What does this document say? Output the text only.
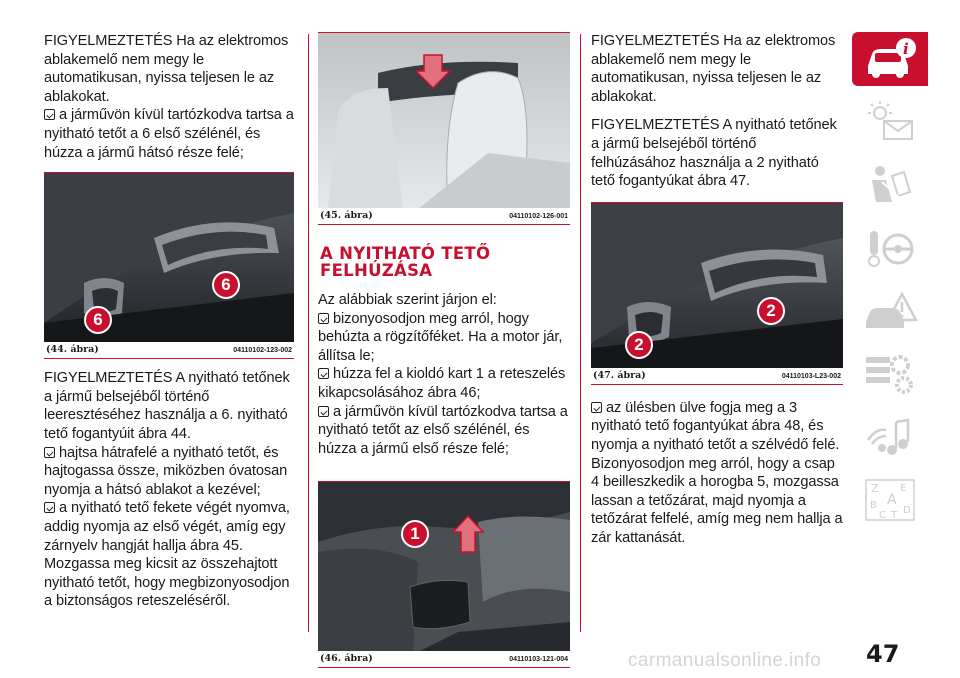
FIGYELMEZTETÉS Ha az elektromos ablakemelő nem megy le automatikusan, nyissa teljesen le az ablakokat.

a járművön kívül tartózkodva tartsa a nyitható tetőt a 6 első szélénél, és húzza a jármű hátsó része felé;

6
6
(44. ábra)	04110102-123-002

FIGYELMEZTETÉS A nyitható tetőnek a jármű belsejéből történő leeresztéséhez használja a 6. nyitható tető fogantyúit ábra 44.

hajtsa hátrafelé a nyitható tetőt, és hajtogassa össze, miközben óvatosan nyomja a hátsó ablakot a kezével;

a nyitható tető fekete végét nyomva, addig nyomja az első végét, amíg egy zárnyelv hangját hallja ábra 45. Mozgassa meg kicsit az összehajtott nyitható tetőt, hogy megbizonyosodjon a biztonságos reteszeléséről.

(45. ábra)	04110102-126-001
A NYITHATÓ TETŐ
FELHÚZÁSA

Az alábbiak szerint járjon el:

bizonyosodjon meg arról, hogy behúzta a rögzítőféket. Ha a motor jár, állítsa le;

húzza fel a kioldó kart 1 a reteszelés kikapcsolásához ábra 46;

a járművön kívül tartózkodva tartsa a nyitható tetőt az első szélénél, és húzza a jármű első része felé;

1
(46. ábra)	04110103-121-004

FIGYELMEZTETÉS Ha az elektromos ablakemelő nem megy le automatikusan, nyissa teljesen le az ablakokat.

FIGYELMEZTETÉS A nyitható tetőnek a jármű belsejéből történő felhúzásához használja a 2 nyitható tető fogantyúkat ábra 47.

2
2
(47. ábra)	04110103-L23-002

az ülésben ülve fogja meg a 3 nyitható tető fogantyúkat ábra 48, és nyomja a nyitható tetőt a szélvédő felé. Bizonyosodjon meg arról, hogy a csap 4 beilleszkedik a horogba 5, mozgassa lassan a tetőzárat, majd nyomja a tetőzárat felfelé, amíg meg nem hallja a zár kattanását.

i
Z E
B A
C T D
47
carmanualsonline.info
